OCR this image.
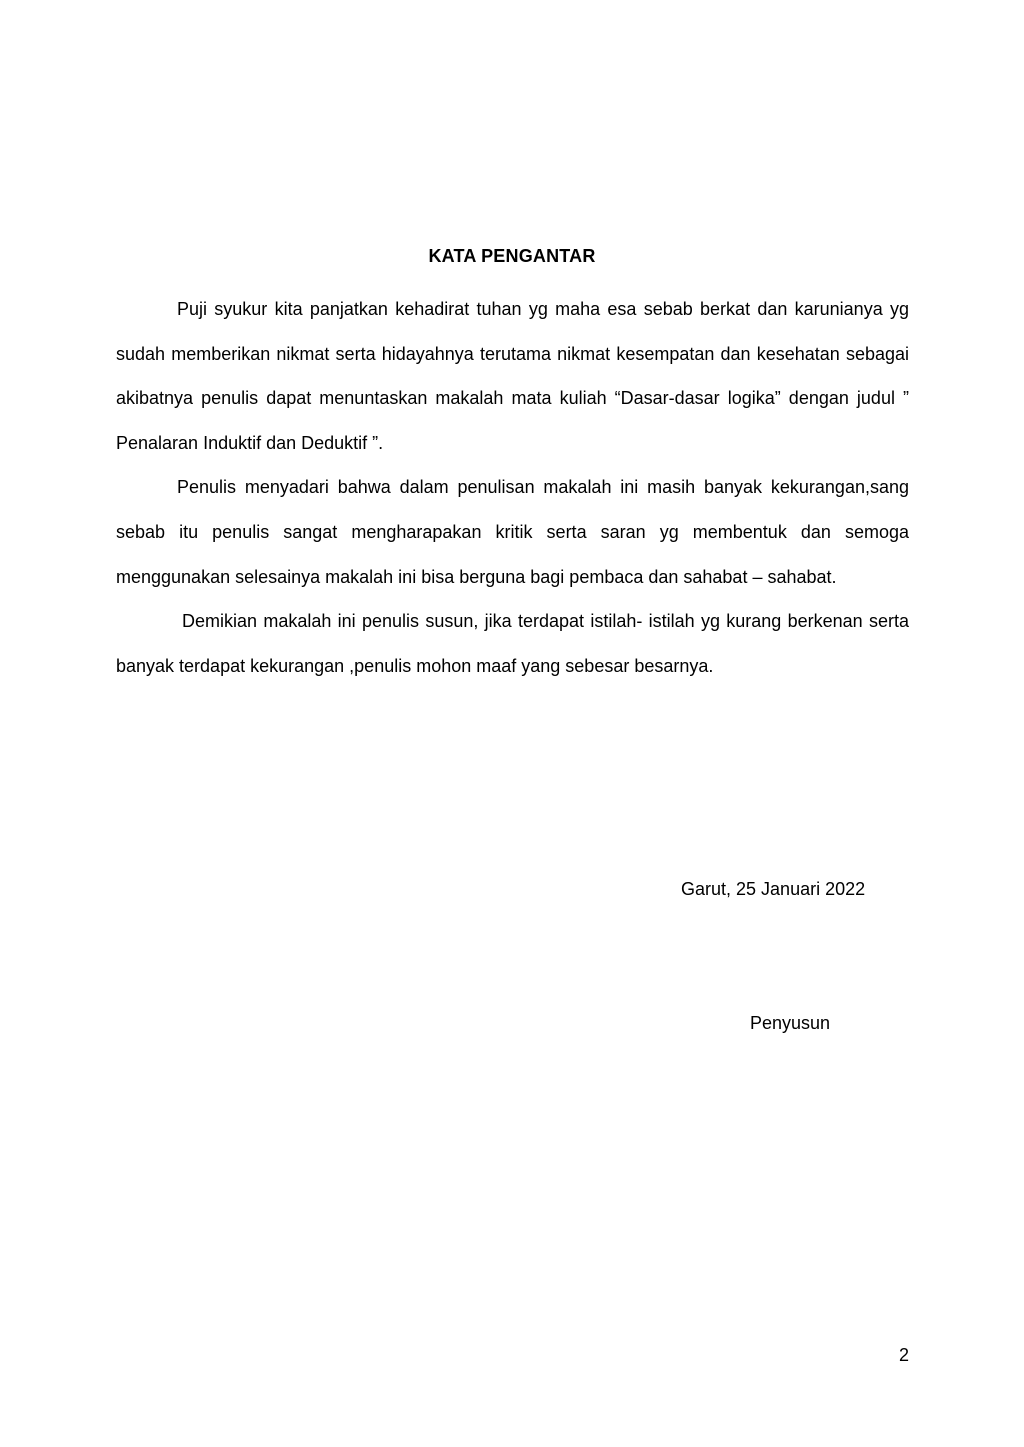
KATA PENGANTAR

Puji syukur kita panjatkan kehadirat tuhan yg maha esa sebab berkat dan karunianya yg sudah memberikan nikmat serta hidayahnya terutama nikmat kesempatan dan kesehatan sebagai akibatnya penulis dapat menuntaskan makalah mata kuliah “Dasar-dasar logika” dengan judul ” Penalaran Induktif dan Deduktif ”.

Penulis menyadari bahwa dalam penulisan makalah ini masih banyak kekurangan,sang sebab itu penulis sangat mengharapakan kritik serta saran yg membentuk dan semoga menggunakan selesainya makalah ini bisa berguna bagi pembaca dan sahabat – sahabat.

Demikian makalah ini penulis susun, jika terdapat istilah- istilah yg kurang berkenan serta banyak terdapat kekurangan ,penulis mohon maaf yang sebesar besarnya.

Garut, 25 Januari 2022
Penyusun
2
